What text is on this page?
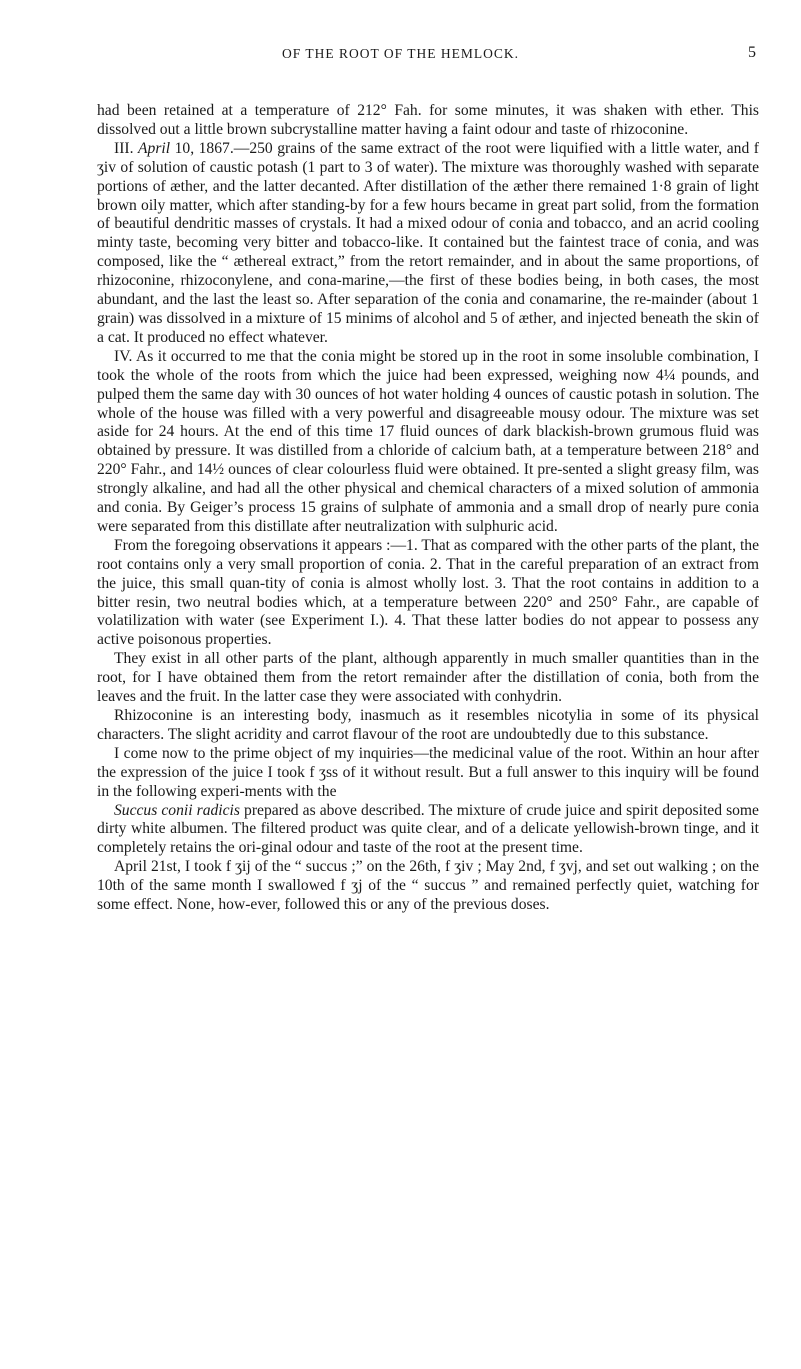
OF THE ROOT OF THE HEMLOCK.	5

had been retained at a temperature of 212° Fah. for some minutes, it was shaken with ether. This dissolved out a little brown subcrystalline matter having a faint odour and taste of rhizoconine.

III. April 10, 1867.—250 grains of the same extract of the root were liquified with a little water, and f ʒiv of solution of caustic potash (1 part to 3 of water). The mixture was thoroughly washed with separate portions of æther, and the latter decanted. After distillation of the æther there remained 1·8 grain of light brown oily matter, which after standing-by for a few hours became in great part solid, from the formation of beautiful dendritic masses of crystals. It had a mixed odour of conia and tobacco, and an acrid cooling minty taste, becoming very bitter and tobacco-like. It contained but the faintest trace of conia, and was composed, like the “ æthereal extract,” from the retort remainder, and in about the same proportions, of rhizoconine, rhizoconylene, and cona-marine,—the first of these bodies being, in both cases, the most abundant, and the last the least so. After separation of the conia and conamarine, the re-mainder (about 1 grain) was dissolved in a mixture of 15 minims of alcohol and 5 of æther, and injected beneath the skin of a cat. It produced no effect whatever.

IV. As it occurred to me that the conia might be stored up in the root in some insoluble combination, I took the whole of the roots from which the juice had been expressed, weighing now 4¼ pounds, and pulped them the same day with 30 ounces of hot water holding 4 ounces of caustic potash in solution. The whole of the house was filled with a very powerful and disagreeable mousy odour. The mixture was set aside for 24 hours. At the end of this time 17 fluid ounces of dark blackish-brown grumous fluid was obtained by pressure. It was distilled from a chloride of calcium bath, at a temperature between 218° and 220° Fahr., and 14½ ounces of clear colourless fluid were obtained. It pre-sented a slight greasy film, was strongly alkaline, and had all the other physical and chemical characters of a mixed solution of ammonia and conia. By Geiger’s process 15 grains of sulphate of ammonia and a small drop of nearly pure conia were separated from this distillate after neutralization with sulphuric acid.

From the foregoing observations it appears :—1. That as compared with the other parts of the plant, the root contains only a very small proportion of conia. 2. That in the careful preparation of an extract from the juice, this small quan-tity of conia is almost wholly lost. 3. That the root contains in addition to a bitter resin, two neutral bodies which, at a temperature between 220° and 250° Fahr., are capable of volatilization with water (see Experiment I.). 4. That these latter bodies do not appear to possess any active poisonous properties.

They exist in all other parts of the plant, although apparently in much smaller quantities than in the root, for I have obtained them from the retort remainder after the distillation of conia, both from the leaves and the fruit. In the latter case they were associated with conhydrin.

Rhizoconine is an interesting body, inasmuch as it resembles nicotylia in some of its physical characters. The slight acridity and carrot flavour of the root are undoubtedly due to this substance.

I come now to the prime object of my inquiries—the medicinal value of the root. Within an hour after the expression of the juice I took f ʒss of it without result. But a full answer to this inquiry will be found in the following experi-ments with the

Succus conii radicis prepared as above described. The mixture of crude juice and spirit deposited some dirty white albumen. The filtered product was quite clear, and of a delicate yellowish-brown tinge, and it completely retains the ori-ginal odour and taste of the root at the present time.

April 21st, I took f ʒij of the “ succus ;” on the 26th, f ʒiv ; May 2nd, f ʒvj, and set out walking ; on the 10th of the same month I swallowed f ʒj of the “ succus ” and remained perfectly quiet, watching for some effect. None, how-ever, followed this or any of the previous doses.
